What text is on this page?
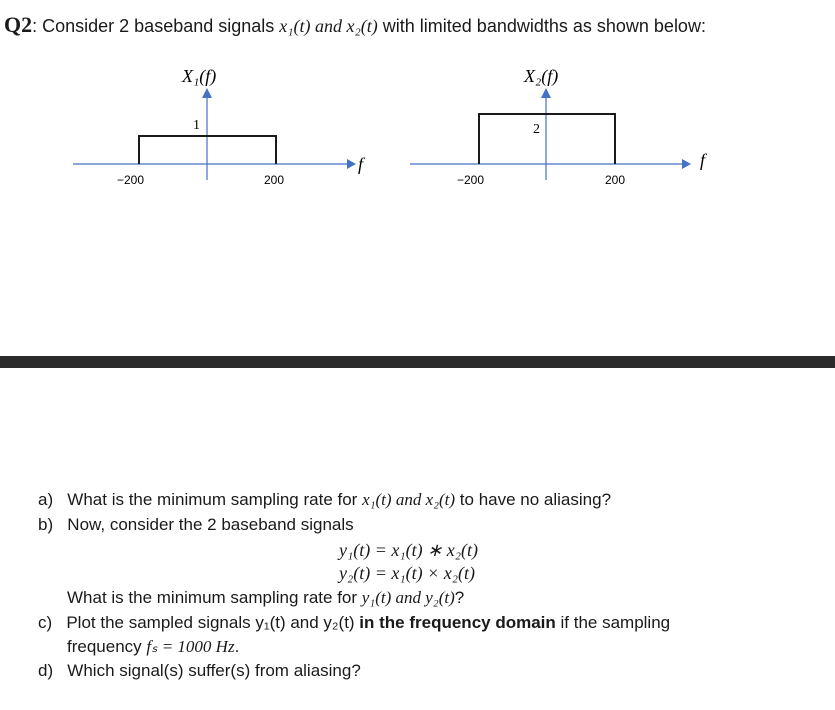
Q2: Consider 2 baseband signals x₁(t) and x₂(t) with limited bandwidths as shown below:
X₁(f)
1
f
−200	200
X₂(f)
2
f
−200	200
a) What is the minimum sampling rate for x₁(t) and x₂(t) to have no aliasing?
b) Now, consider the 2 baseband signals
y₁(t) = x₁(t) ∗ x₂(t)
y₂(t) = x₁(t) × x₂(t)
What is the minimum sampling rate for y₁(t) and y₂(t)?
c) Plot the sampled signals y₁(t) and y₂(t) in the frequency domain if the sampling
frequency fₛ = 1000 Hz.
d) Which signal(s) suffer(s) from aliasing?
